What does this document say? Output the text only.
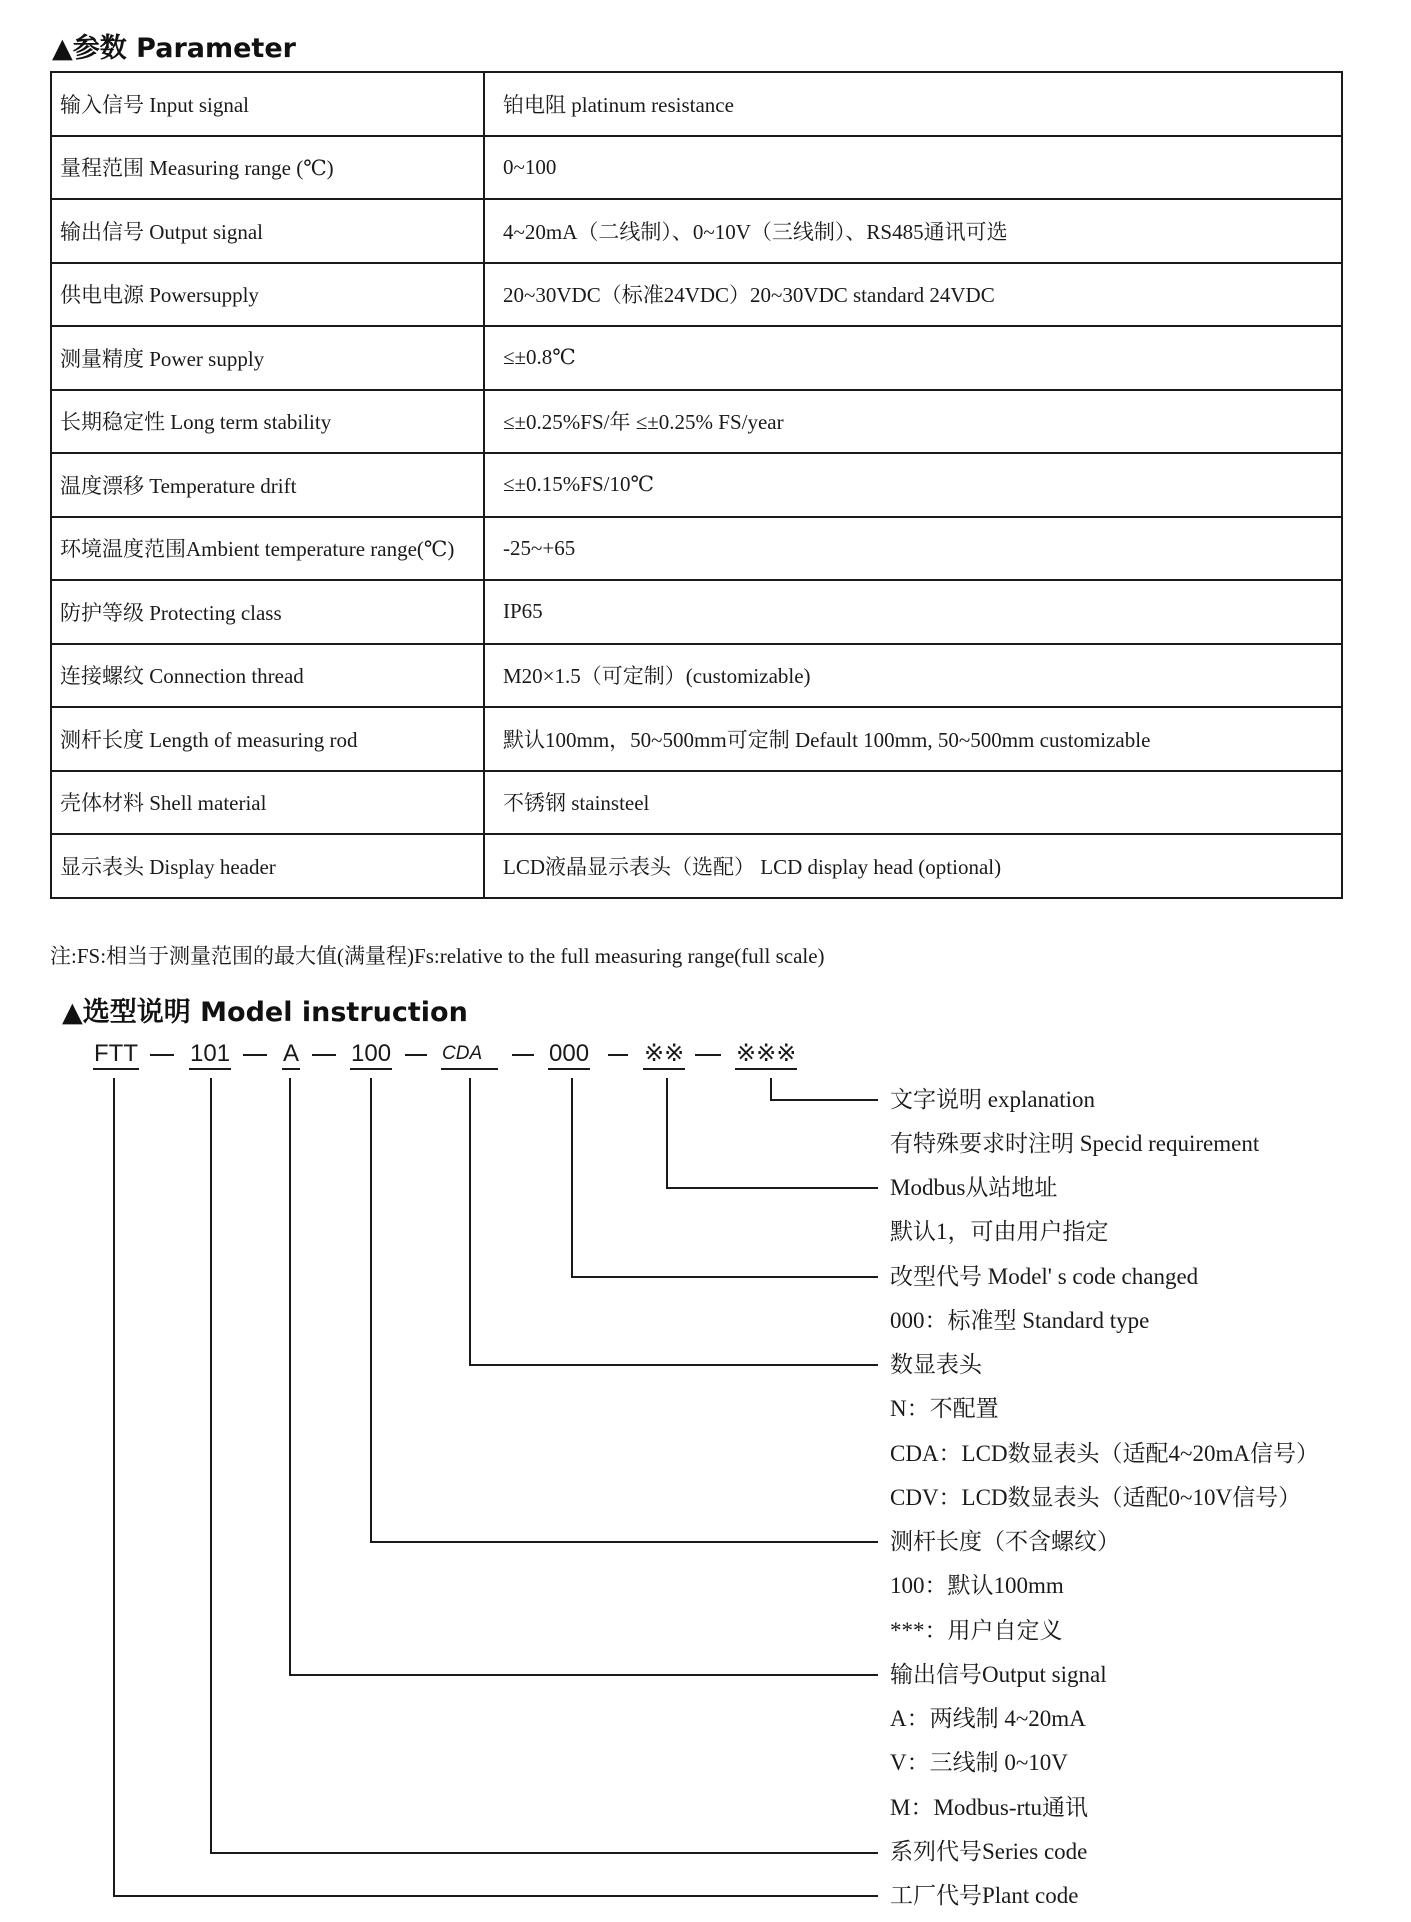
▲参数 Parameter
输入信号 Input signal	铂电阻 platinum resistance
量程范围 Measuring range (℃)	0~100
输出信号 Output signal	4~20mA（二线制）、0~10V（三线制）、RS485通讯可选
供电电源 Powersupply	20~30VDC（标准24VDC）20~30VDC standard 24VDC
测量精度 Power supply	≤±0.8℃
长期稳定性 Long term stability	≤±0.25%FS/年 ≤±0.25% FS/year
温度漂移 Temperature drift	≤±0.15%FS/10℃
环境温度范围Ambient temperature range(℃)	-25~+65
防护等级 Protecting class	IP65
连接螺纹 Connection thread	M20×1.5（可定制）(customizable)
测杆长度 Length of measuring rod	默认100mm，50~500mm可定制 Default 100mm, 50~500mm customizable
壳体材料 Shell material	不锈钢 stainsteel
显示表头 Display header	LCD液晶显示表头（选配） LCD display head (optional)
注:FS:相当于测量范围的最大值(满量程)Fs:relative to the full measuring range(full scale)
▲选型说明 Model instruction
FTT 101 A 100	CDA	000 ※※ ※※※
文字说明 explanation
有特殊要求时注明 Specid requirement
Modbus从站地址
默认1，可由用户指定
改型代号 Model' s code changed
000：标准型 Standard type
数显表头
N：不配置
CDA：LCD数显表头（适配4~20mA信号）
CDV：LCD数显表头（适配0~10V信号）
测杆长度（不含螺纹）
100：默认100mm
***：用户自定义
输出信号Output signal
A：两线制 4~20mA
V：三线制 0~10V
M：Modbus-rtu通讯
系列代号Series code
工厂代号Plant code
